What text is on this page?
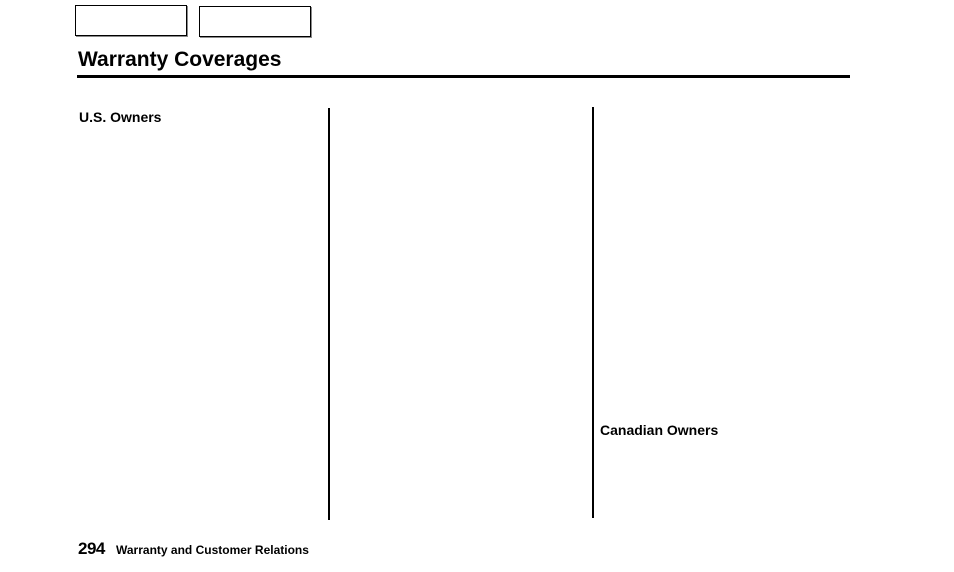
Warranty Coverages
U.S. Owners
Canadian Owners
294 Warranty and Customer Relations
